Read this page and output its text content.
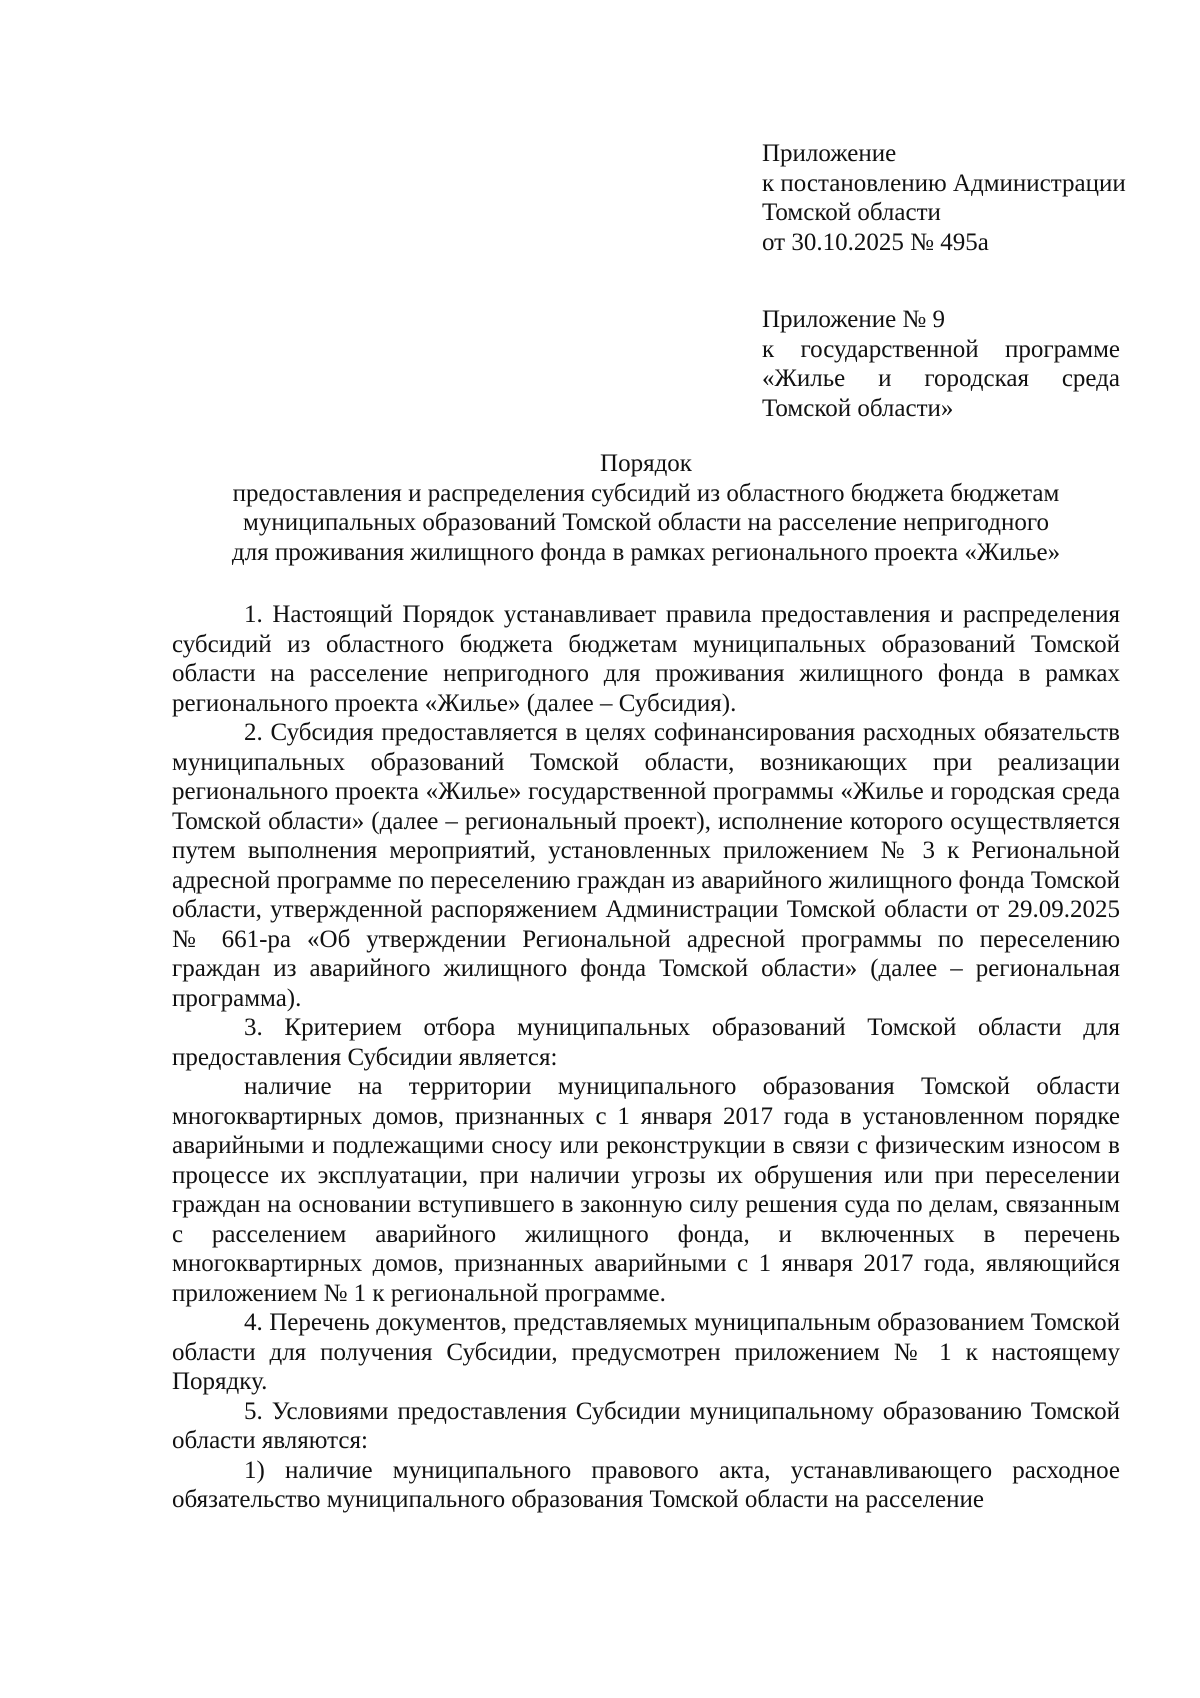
Приложение
к постановлению Администрации
Томской области
от 30.10.2025 № 495а
Приложение № 9
к государственной программе
«Жилье и городская среда
Томской области»
Порядок
предоставления и распределения субсидий из областного бюджета бюджетам
муниципальных образований Томской области на расселение непригодного
для проживания жилищного фонда в рамках регионального проекта «Жилье»

1. Настоящий Порядок устанавливает правила предоставления и распределения субсидий из областного бюджета бюджетам муниципальных образований Томской области на расселение непригодного для проживания жилищного фонда в рамках регионального проекта «Жилье» (далее – Субсидия).

2. Субсидия предоставляется в целях софинансирования расходных обязательств муниципальных образований Томской области, возникающих при реализации регионального проекта «Жилье» государственной программы «Жилье и городская среда Томской области» (далее – региональный проект), исполнение которого осуществляется путем выполнения мероприятий, установленных приложением № 3 к Региональной адресной программе по переселению граждан из аварийного жилищного фонда Томской области, утвержденной распоряжением Администрации Томской области от 29.09.2025 № 661-ра «Об утверждении Региональной адресной программы по переселению граждан из аварийного жилищного фонда Томской области» (далее – региональная программа).

3. Критерием отбора муниципальных образований Томской области для предоставления Субсидии является:

наличие на территории муниципального образования Томской области многоквартирных домов, признанных с 1 января 2017 года в установленном порядке аварийными и подлежащими сносу или реконструкции в связи с физическим износом в процессе их эксплуатации, при наличии угрозы их обрушения или при переселении граждан на основании вступившего в законную силу решения суда по делам, связанным с расселением аварийного жилищного фонда, и включенных в перечень многоквартирных домов, признанных аварийными с 1 января 2017 года, являющийся приложением № 1 к региональной программе.

4. Перечень документов, представляемых муниципальным образованием Томской области для получения Субсидии, предусмотрен приложением № 1 к настоящему Порядку.

5. Условиями предоставления Субсидии муниципальному образованию Томской области являются:

1) наличие муниципального правового акта, устанавливающего расходное обязательство муниципального образования Томской области на расселение
